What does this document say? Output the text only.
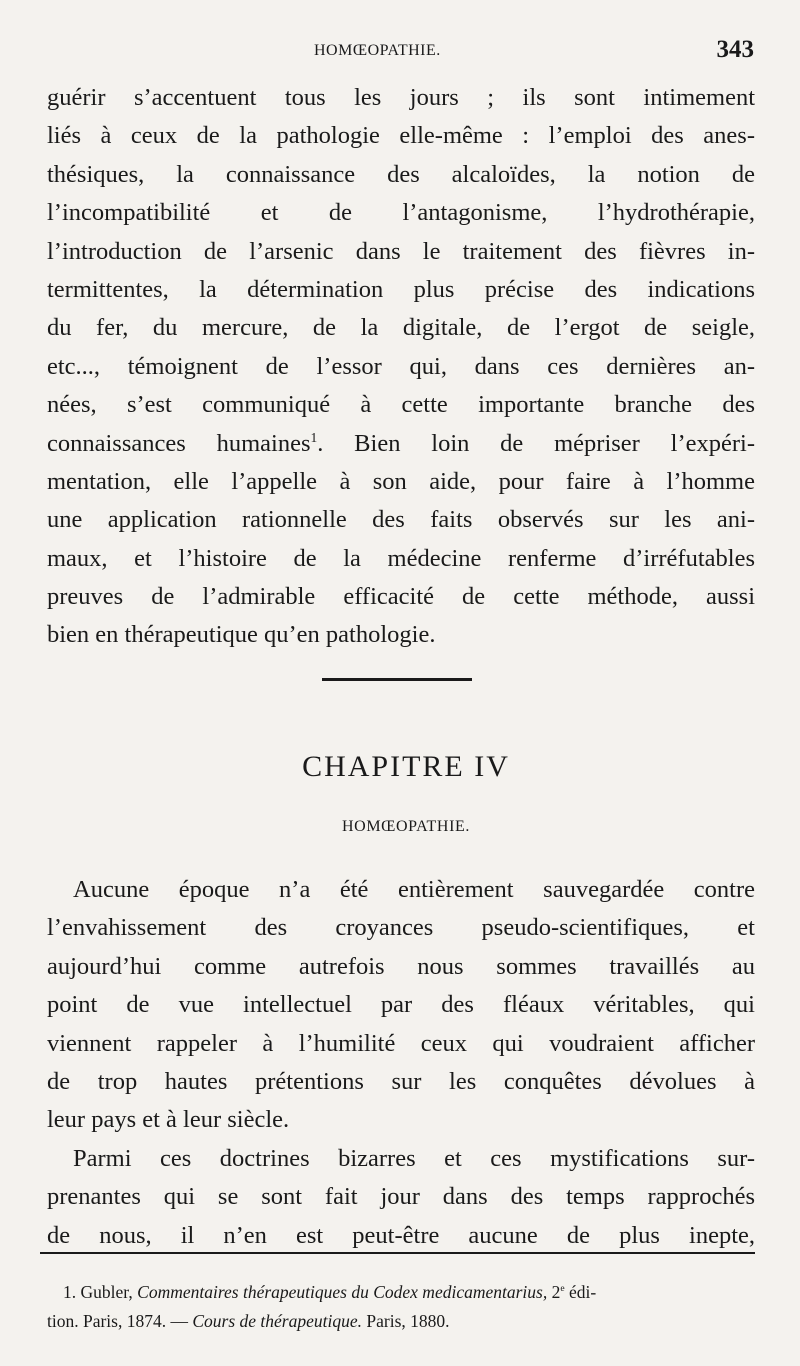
HOMŒOPATHIE.	343
guérir s’accentuent tous les jours ; ils sont intimement
liés à ceux de la pathologie elle-même : l’emploi des anes-
thésiques, la connaissance des alcaloïdes, la notion de
l’incompatibilité et de l’antagonisme, l’hydrothérapie,
l’introduction de l’arsenic dans le traitement des fièvres in-
termittentes, la détermination plus précise des indications
du fer, du mercure, de la digitale, de l’ergot de seigle,
etc..., témoignent de l’essor qui, dans ces dernières an-
nées, s’est communiqué à cette importante branche des
connaissances humaines$^1$. Bien loin de mépriser l’expéri-
mentation, elle l’appelle à son aide, pour faire à l’homme
une application rationnelle des faits observés sur les ani-
maux, et l’histoire de la médecine renferme d’irréfutables
preuves de l’admirable efficacité de cette méthode, aussi
bien en thérapeutique qu’en pathologie.
CHAPITRE IV
HOMŒOPATHIE.
Aucune époque n’a été entièrement sauvegardée contre
l’envahissement des croyances pseudo-scientifiques, et
aujourd’hui comme autrefois nous sommes travaillés au
point de vue intellectuel par des fléaux véritables, qui
viennent rappeler à l’humilité ceux qui voudraient afficher
de trop hautes prétentions sur les conquêtes dévolues à
leur pays et à leur siècle.
Parmi ces doctrines bizarres et ces mystifications sur-
prenantes qui se sont fait jour dans des temps rapprochés
de nous, il n’en est peut-être aucune de plus inepte,
1. Gubler, Commentaires thérapeutiques du Codex medicamentarius, 2e édi-
tion. Paris, 1874. — Cours de thérapeutique. Paris, 1880.
